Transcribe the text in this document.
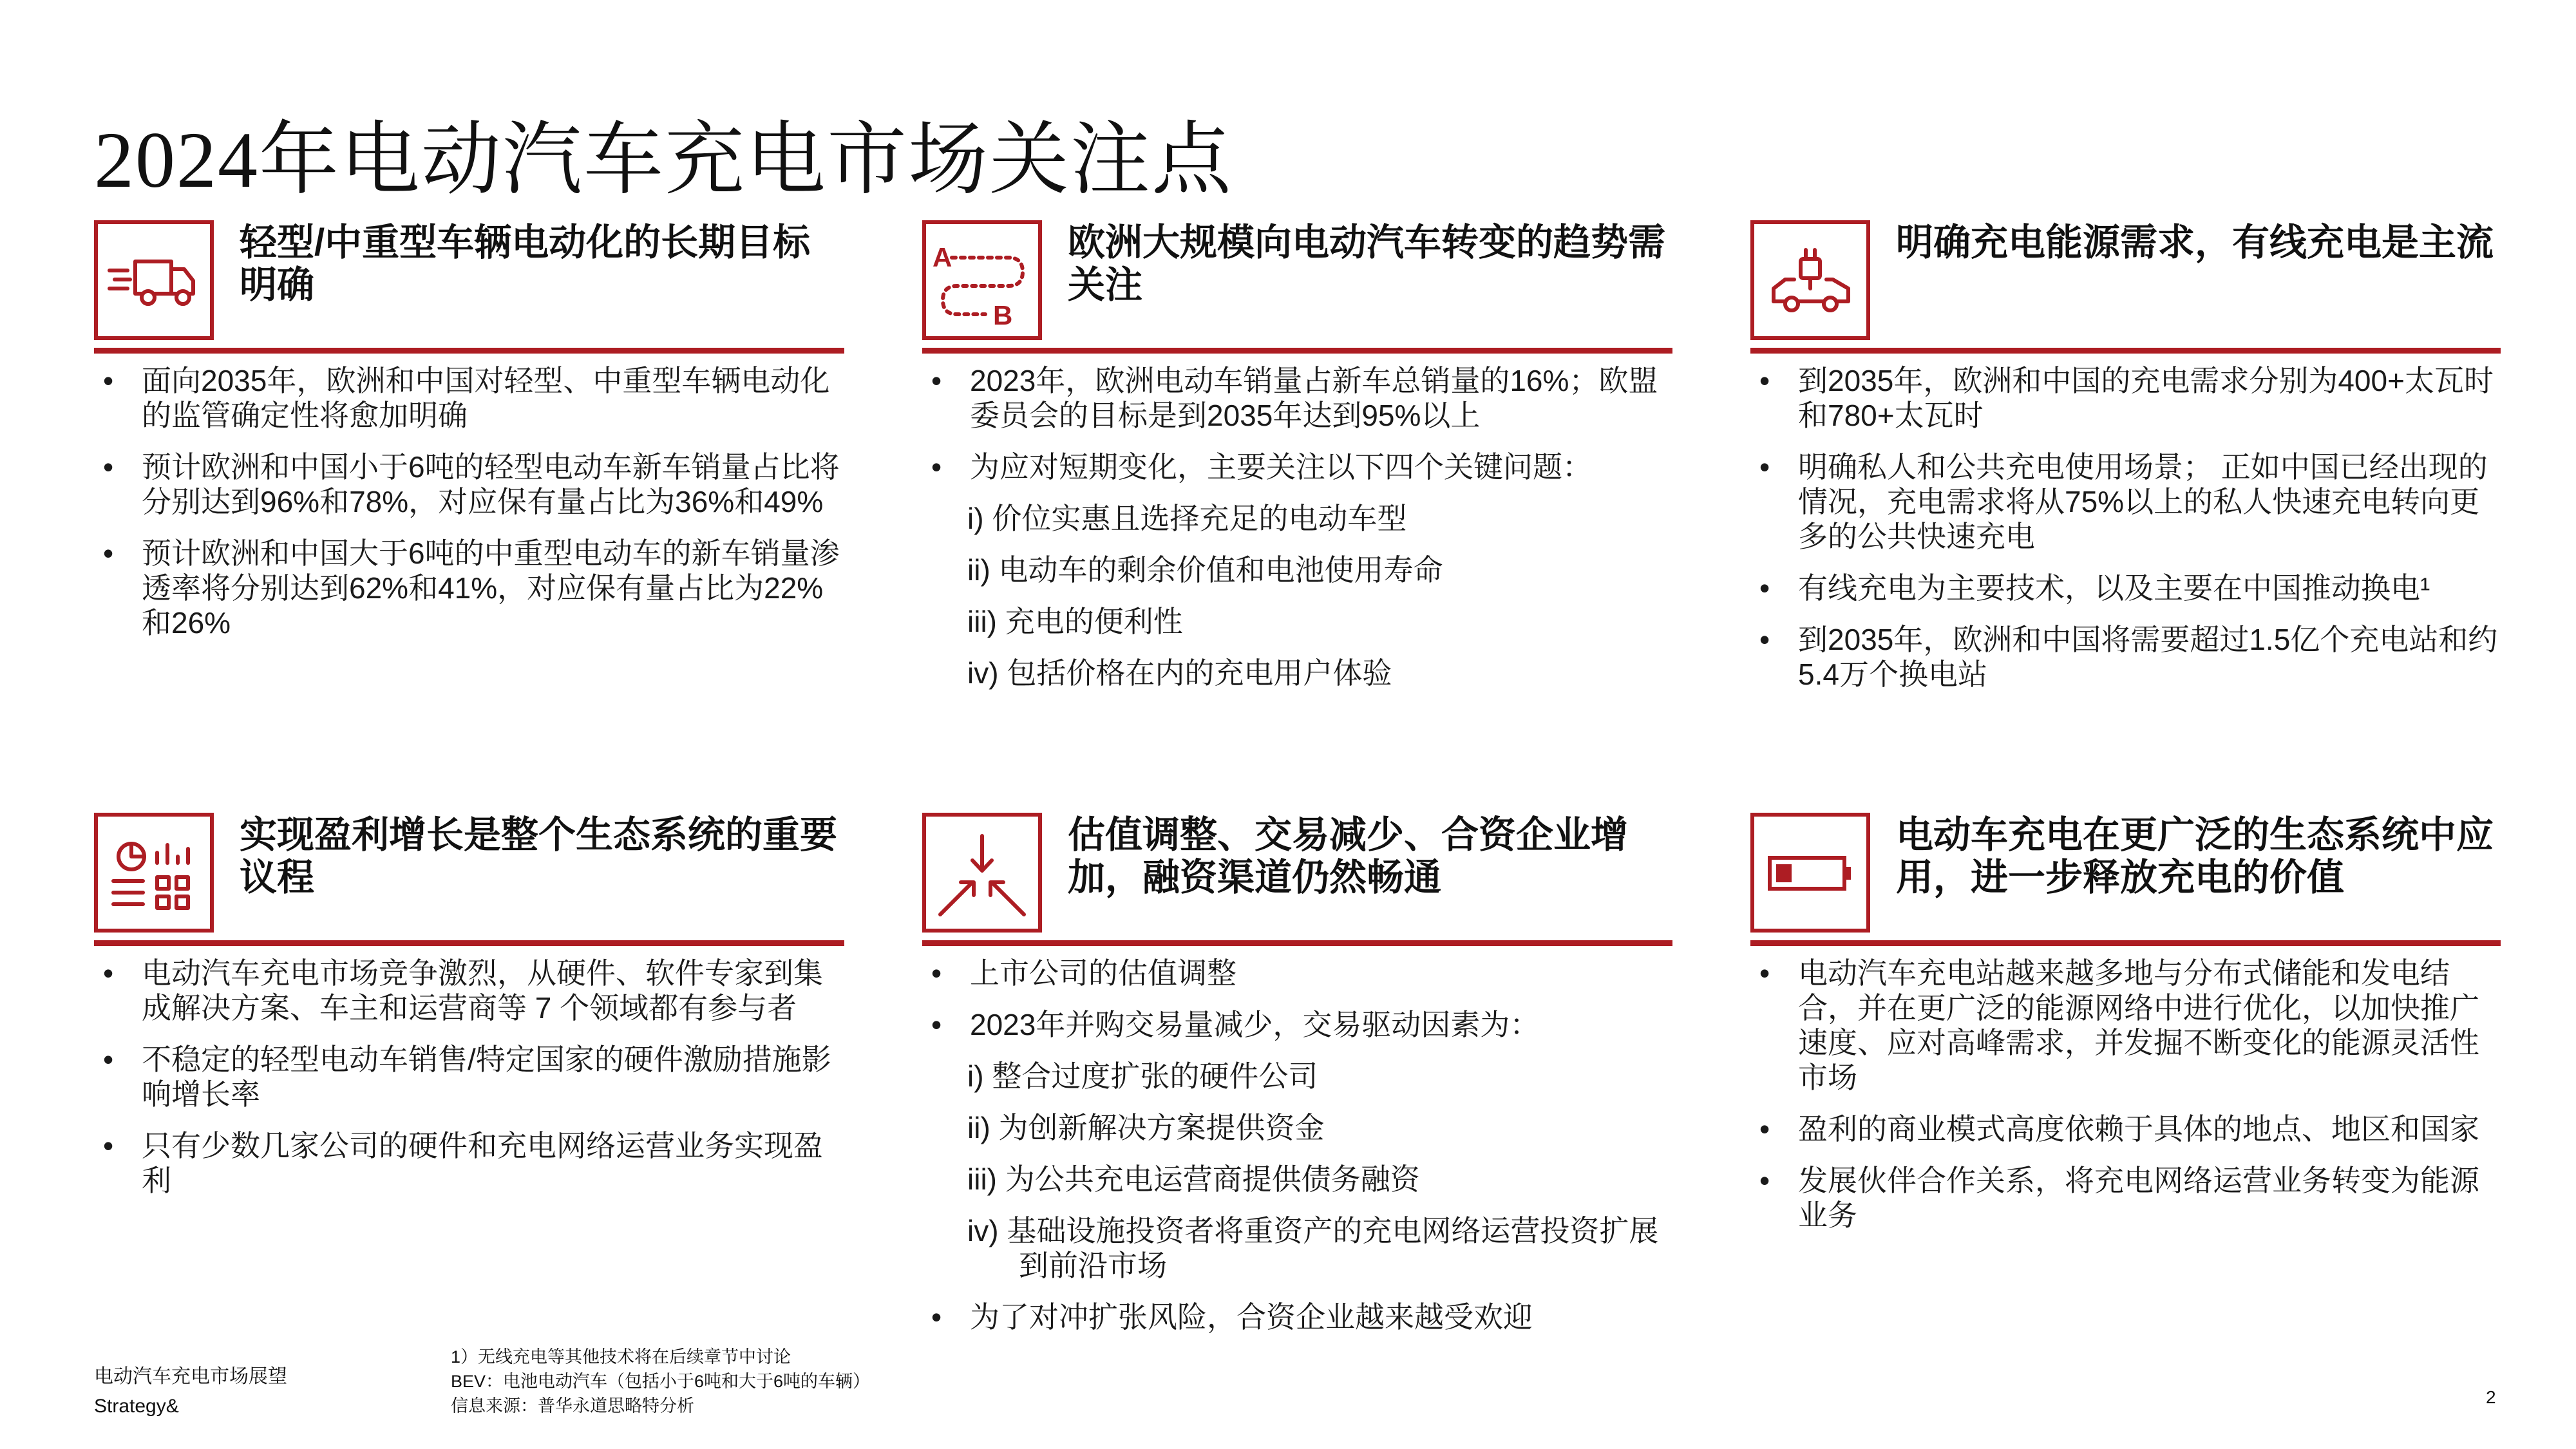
2024年电动汽车充电市场关注点
轻型/中重型车辆电动化的长期目标明确
• 面向2035年，欧洲和中国对轻型、中重型车辆电动化的监管确定性将愈加明确
• 预计欧洲和中国小于6吨的轻型电动车新车销量占比将分别达到96%和78%，对应保有量占比为36%和49%
• 预计欧洲和中国大于6吨的中重型电动车的新车销量渗透率将分别达到62%和41%，对应保有量占比为22%和26%
A
B
欧洲大规模向电动汽车转变的趋势需关注
• 2023年，欧洲电动车销量占新车总销量的16%；欧盟委员会的目标是到2035年达到95%以上
• 为应对短期变化，主要关注以下四个关键问题：
i) 价位实惠且选择充足的电动车型
ii) 电动车的剩余价值和电池使用寿命
iii) 充电的便利性
iv) 包括价格在内的充电用户体验
明确充电能源需求，有线充电是主流
• 到2035年，欧洲和中国的充电需求分别为400+太瓦时和780+太瓦时
• 明确私人和公共充电使用场景； 正如中国已经出现的情况，充电需求将从75%以上的私人快速充电转向更多的公共快速充电
• 有线充电为主要技术，以及主要在中国推动换电¹
• 到2035年，欧洲和中国将需要超过1.5亿个充电站和约5.4万个换电站
实现盈利增长是整个生态系统的重要议程
• 电动汽车充电市场竞争激烈，从硬件、软件专家到集成解决方案、车主和运营商等 7 个领域都有参与者
• 不稳定的轻型电动车销售/特定国家的硬件激励措施影响增长率
• 只有少数几家公司的硬件和充电网络运营业务实现盈利
估值调整、交易减少、合资企业增加，融资渠道仍然畅通
• 上市公司的估值调整
• 2023年并购交易量减少，交易驱动因素为：
i) 整合过度扩张的硬件公司
ii) 为创新解决方案提供资金
iii) 为公共充电运营商提供债务融资
iv) 基础设施投资者将重资产的充电网络运营投资扩展到前沿市场
• 为了对冲扩张风险，合资企业越来越受欢迎
电动车充电在更广泛的生态系统中应用，进一步释放充电的价值
• 电动汽车充电站越来越多地与分布式储能和发电结合，并在更广泛的能源网络中进行优化，以加快推广速度、应对高峰需求，并发掘不断变化的能源灵活性市场
• 盈利的商业模式高度依赖于具体的地点、地区和国家
• 发展伙伴合作关系，将充电网络运营业务转变为能源业务
电动汽车充电市场展望
Strategy&
1）无线充电等其他技术将在后续章节中讨论
BEV：电池电动汽车（包括小于6吨和大于6吨的车辆）
信息来源：普华永道思略特分析	2
